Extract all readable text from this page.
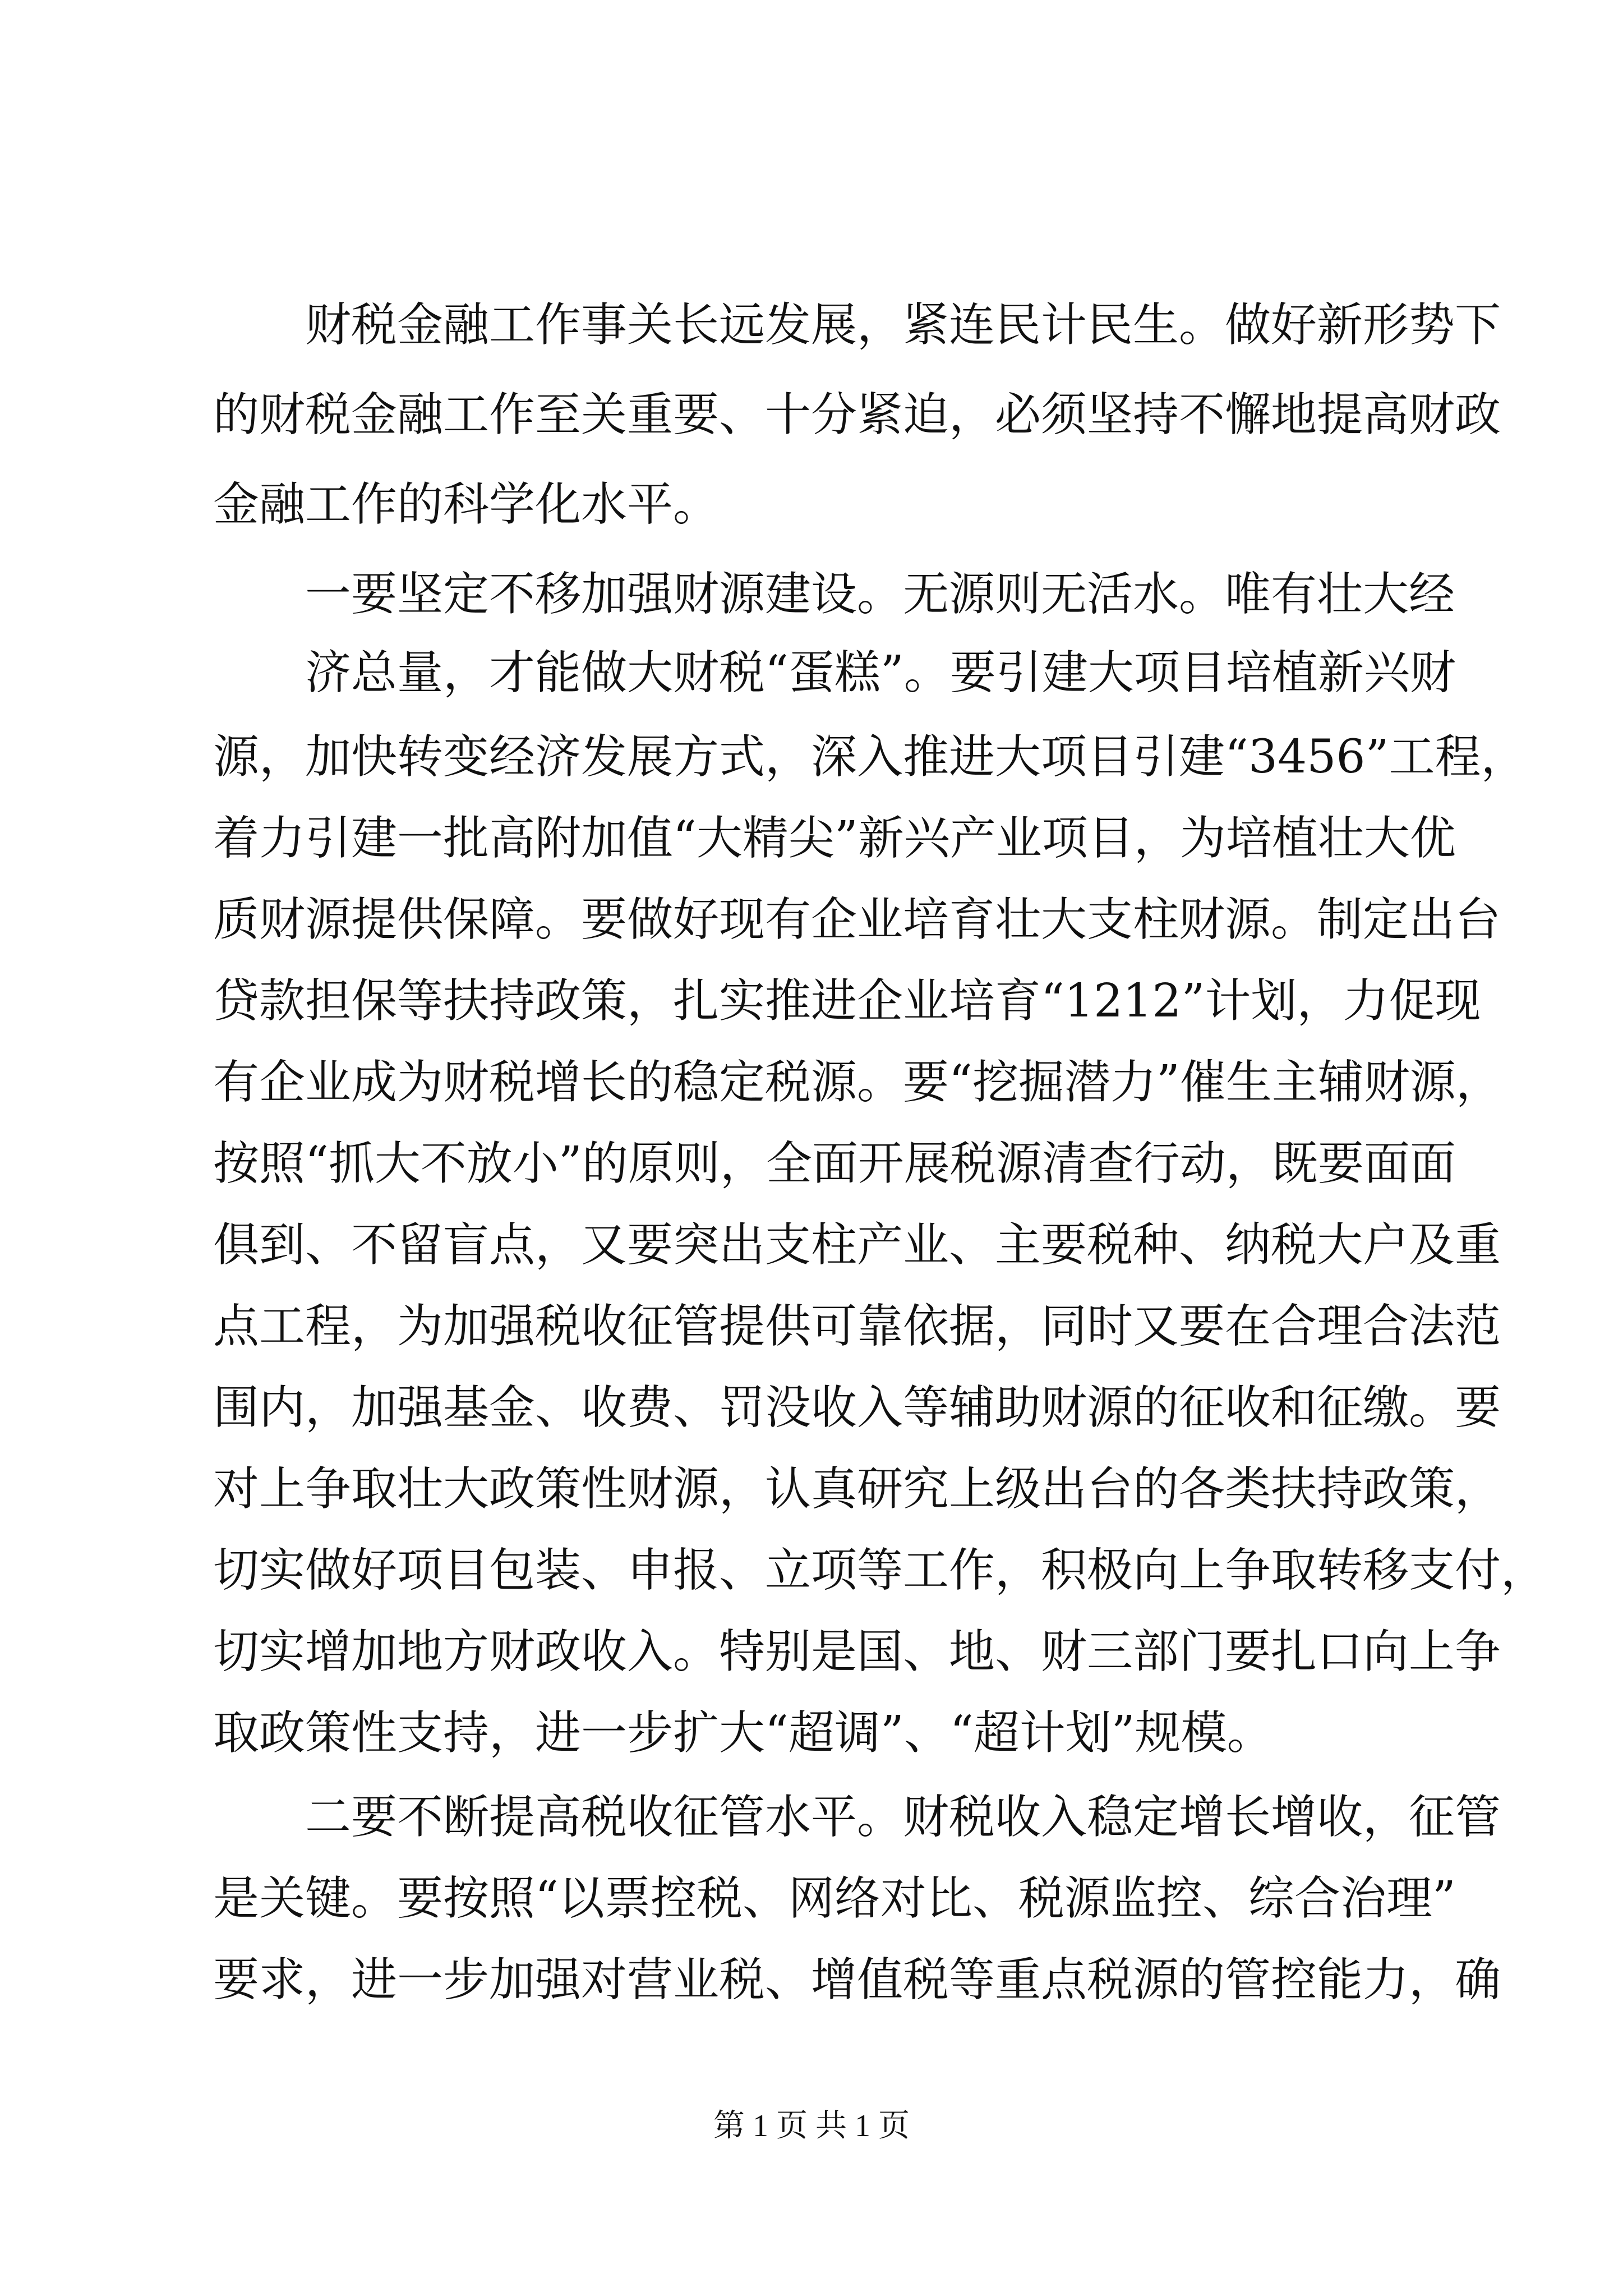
财税金融工作事关长远发展，紧连民计民生。做好新形势下
的财税金融工作至关重要、十分紧迫，必须坚持不懈地提高财政
金融工作的科学化水平。
一要坚定不移加强财源建设。无源则无活水。唯有壮大经
济总量，才能做大财税“蛋糕”。要引建大项目培植新兴财
源，加快转变经济发展方式，深入推进大项目引建“3456”工程，
着力引建一批高附加值“大精尖”新兴产业项目，为培植壮大优
质财源提供保障。要做好现有企业培育壮大支柱财源。制定出台
贷款担保等扶持政策，扎实推进企业培育“1212”计划，力促现
有企业成为财税增长的稳定税源。要“挖掘潜力”催生主辅财源，
按照“抓大不放小”的原则，全面开展税源清查行动，既要面面
俱到、不留盲点，又要突出支柱产业、主要税种、纳税大户及重
点工程，为加强税收征管提供可靠依据，同时又要在合理合法范
围内，加强基金、收费、罚没收入等辅助财源的征收和征缴。要
对上争取壮大政策性财源，认真研究上级出台的各类扶持政策，
切实做好项目包装、申报、立项等工作，积极向上争取转移支付，
切实增加地方财政收入。特别是国、地、财三部门要扎口向上争
取政策性支持，进一步扩大“超调”、“超计划”规模。
二要不断提高税收征管水平。财税收入稳定增长增收，征管
是关键。要按照“以票控税、网络对比、税源监控、综合治理”
要求，进一步加强对营业税、增值税等重点税源的管控能力，确
第 1 页 共 1 页
